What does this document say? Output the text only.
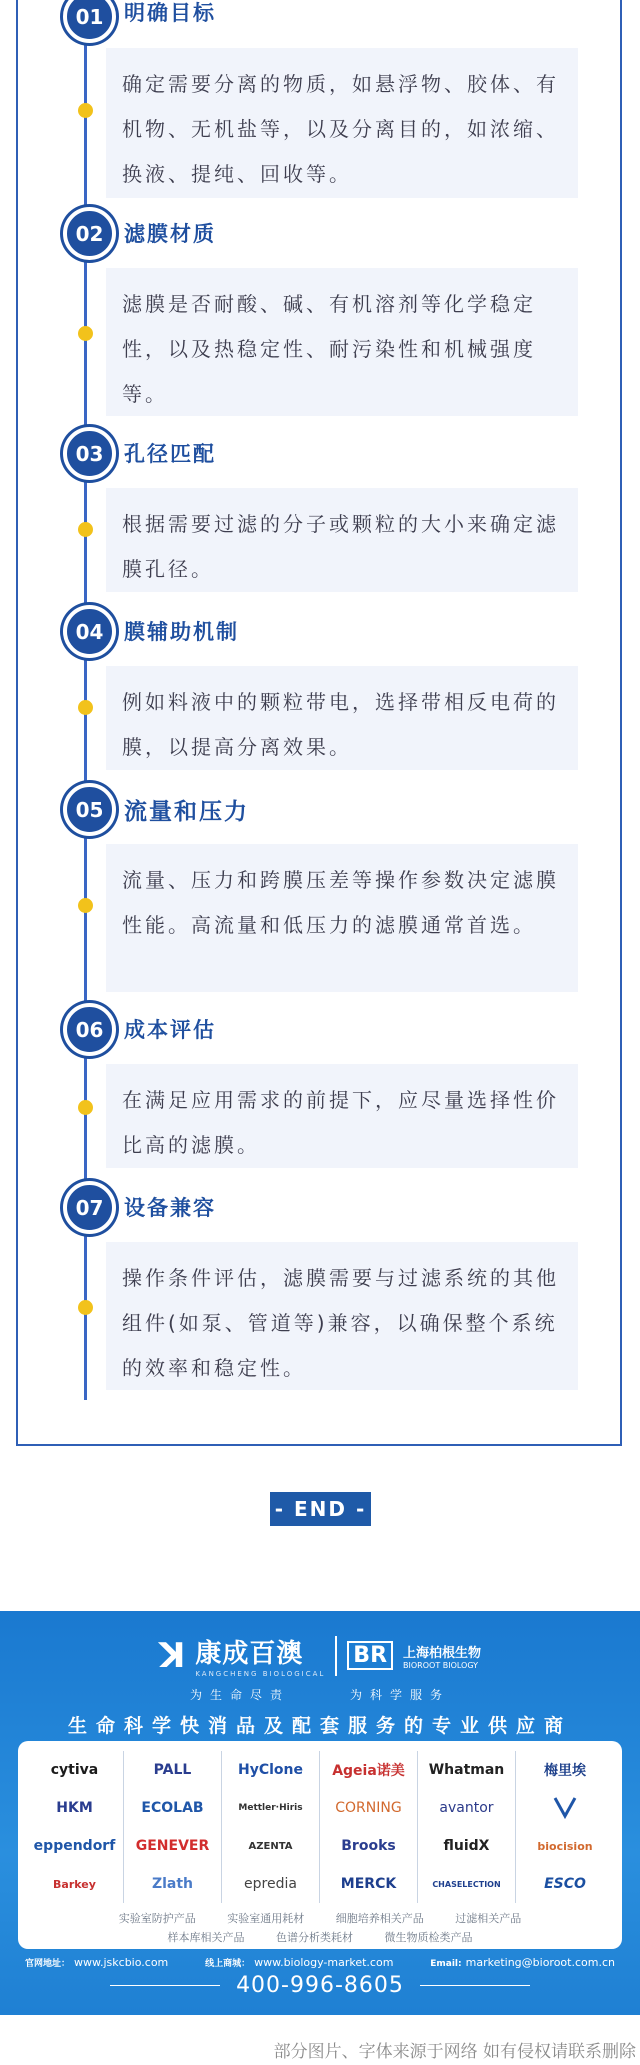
01 明确目标
确定需要分离的物质，如悬浮物、胶体、有机物、无机盐等，以及分离目的，如浓缩、换液、提纯、回收等。
02 滤膜材质
滤膜是否耐酸、碱、有机溶剂等化学稳定性，以及热稳定性、耐污染性和机械强度等。
03 孔径匹配
根据需要过滤的分子或颗粒的大小来确定滤膜孔径。
04 膜辅助机制
例如料液中的颗粒带电，选择带相反电荷的膜，以提高分离效果。
05 流量和压力
流量、压力和跨膜压差等操作参数决定滤膜性能。高流量和低压力的滤膜通常首选。
06 成本评估
在满足应用需求的前提下，应尽量选择性价比高的滤膜。
07 设备兼容
操作条件评估，滤膜需要与过滤系统的其他组件(如泵、管道等)兼容，以确保整个系统的效率和稳定性。
- END -
ꓘ 康成百澳
KANGCHENG BIOLOGICAL
BR	上海柏根生物
BIOROOT BIOLOGY
为生命尽责	为科学服务
生命科学快消品及配套服务的专业供应商
cytiva	PALL	HyClone	Ageia诺美	Whatman	梅里埃
HKM	ECOLAB	Mettler·Hiris	CORNING	avantor
eppendorf	GENEVER	AZENTA	Brooks	fluidX	biocision
Barkey	Zlath	epredia	MERCK	CHASELECTION	ESCO
实验室防护产品	实验室通用耗材	细胞培养相关产品	过滤相关产品
样本库相关产品	色谱分析类耗材	微生物质检类产品
官网地址： www.jskcbio.com	线上商城： www.biology-market.com	Email: marketing@bioroot.com.cn
400-996-8605
部分图片、字体来源于网络 如有侵权请联系删除
